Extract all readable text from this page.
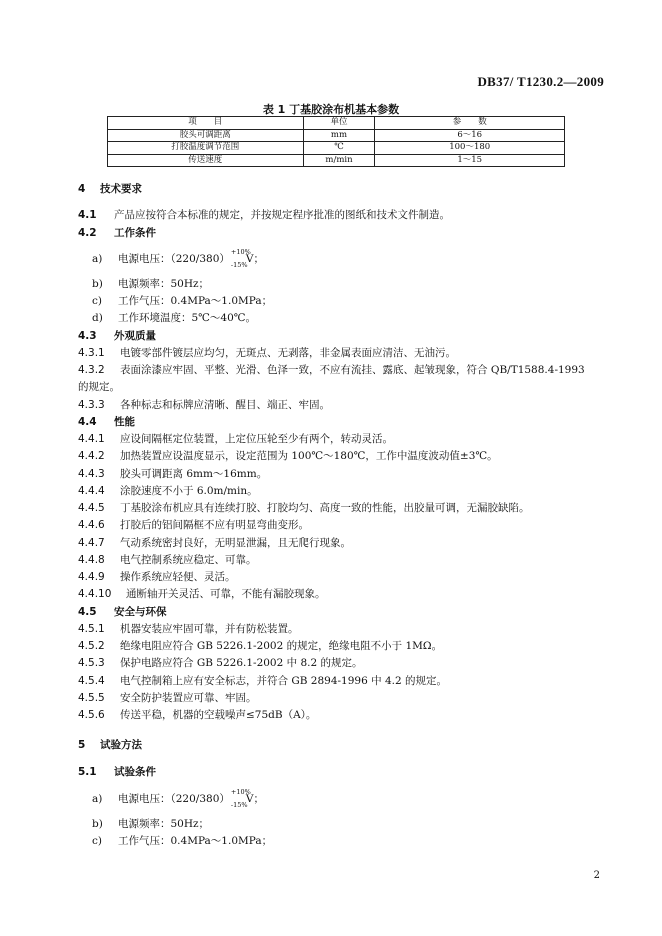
DB37/ T1230.2—2009
表 1 丁基胶涂布机基本参数
项　　目	单位	参　　数
胶头可调距离	mm	6～16
打胶温度调节范围	℃	100～180
传送速度	m/min	1～15
4 技术要求
4.1 产品应按符合本标准的规定，并按规定程序批准的图纸和技术文件制造。
4.2 工作条件
a) 电源电压：（220/380）
+10%
-15%
V；
b) 电源频率：50Hz；
c) 工作气压：0.4MPa～1.0MPa；
d) 工作环境温度：5℃～40℃。
4.3 外观质量
4.3.1 电镀零部件镀层应均匀，无斑点、无剥落，非金属表面应清洁、无油污。
4.3.2 表面涂漆应牢固、平整、光滑、色泽一致，不应有流挂、露底、起皱现象，符合 QB/T1588.4-1993
的规定。
4.3.3 各种标志和标牌应清晰、醒目、端正、牢固。
4.4 性能
4.4.1 应设间隔框定位装置，上定位压轮至少有两个，转动灵活。
4.4.2 加热装置应设温度显示，设定范围为 100℃～180℃，工作中温度波动值±3℃。
4.4.3 胶头可调距离 6mm～16mm。
4.4.4 涂胶速度不小于 6.0m/min。
4.4.5 丁基胶涂布机应具有连续打胶、打胶均匀、高度一致的性能，出胶量可调，无漏胶缺陷。
4.4.6 打胶后的铝间隔框不应有明显弯曲变形。
4.4.7 气动系统密封良好，无明显泄漏，且无爬行现象。
4.4.8 电气控制系统应稳定、可靠。
4.4.9 操作系统应轻便、灵活。
4.4.10 通断轴开关灵活、可靠，不能有漏胶现象。
4.5 安全与环保
4.5.1 机器安装应牢固可靠，并有防松装置。
4.5.2 绝缘电阻应符合 GB 5226.1-2002 的规定，绝缘电阻不小于 1MΩ。
4.5.3 保护电路应符合 GB 5226.1-2002 中 8.2 的规定。
4.5.4 电气控制箱上应有安全标志，并符合 GB 2894-1996 中 4.2 的规定。
4.5.5 安全防护装置应可靠、牢固。
4.5.6 传送平稳，机器的空载噪声≤75dB（A）。
5 试验方法
5.1 试验条件
a) 电源电压：（220/380）
+10%
-15%
V；
b) 电源频率：50Hz；
c) 工作气压：0.4MPa～1.0MPa；
2
